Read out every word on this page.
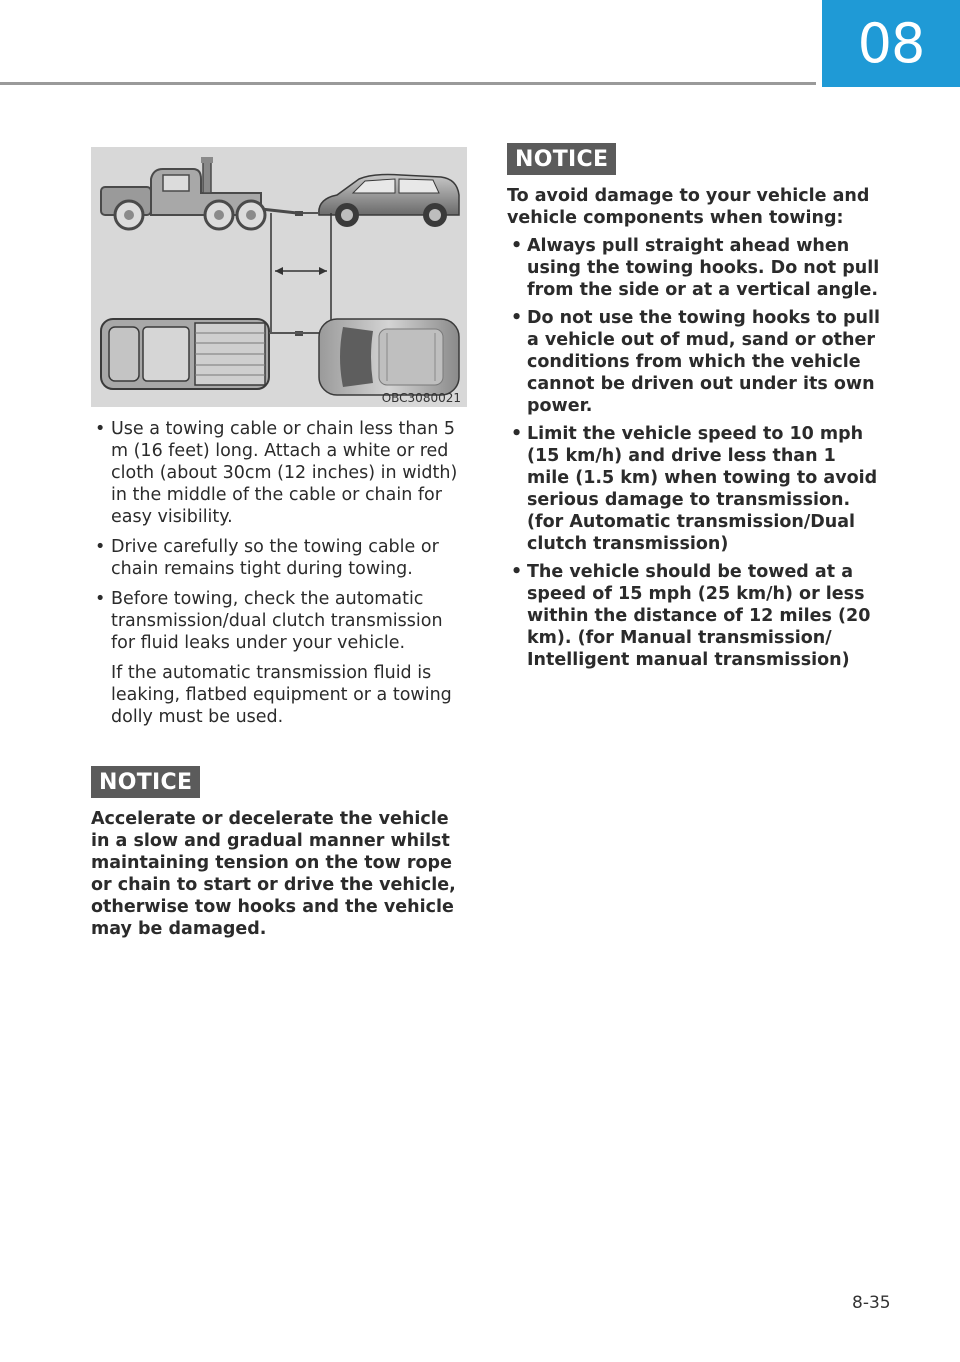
08
OBC3080021
• Use a towing cable or chain less than 5 m (16 feet) long. Attach a white or red cloth (about 30cm (12 inches) in width) in the middle of the cable or chain for easy visibility.
• Drive carefully so the towing cable or chain remains tight during towing.
• Before towing, check the automatic transmission/dual clutch transmission for fluid leaks under your vehicle.
If the automatic transmission fluid is leaking, flatbed equipment or a towing dolly must be used.
NOTICE
Accelerate or decelerate the vehicle in a slow and gradual manner whilst maintaining tension on the tow rope or chain to start or drive the vehicle, otherwise tow hooks and the vehicle may be damaged.
NOTICE
To avoid damage to your vehicle and vehicle components when towing:
• Always pull straight ahead when using the towing hooks. Do not pull from the side or at a vertical angle.
• Do not use the towing hooks to pull a vehicle out of mud, sand or other conditions from which the vehicle cannot be driven out under its own power.
• Limit the vehicle speed to 10 mph (15 km/h) and drive less than 1 mile (1.5 km) when towing to avoid serious damage to transmission. (for Automatic transmission/Dual clutch transmission)
• The vehicle should be towed at a speed of 15 mph (25 km/h) or less within the distance of 12 miles (20 km). (for Manual transmission/ Intelligent manual transmission)
8-35
